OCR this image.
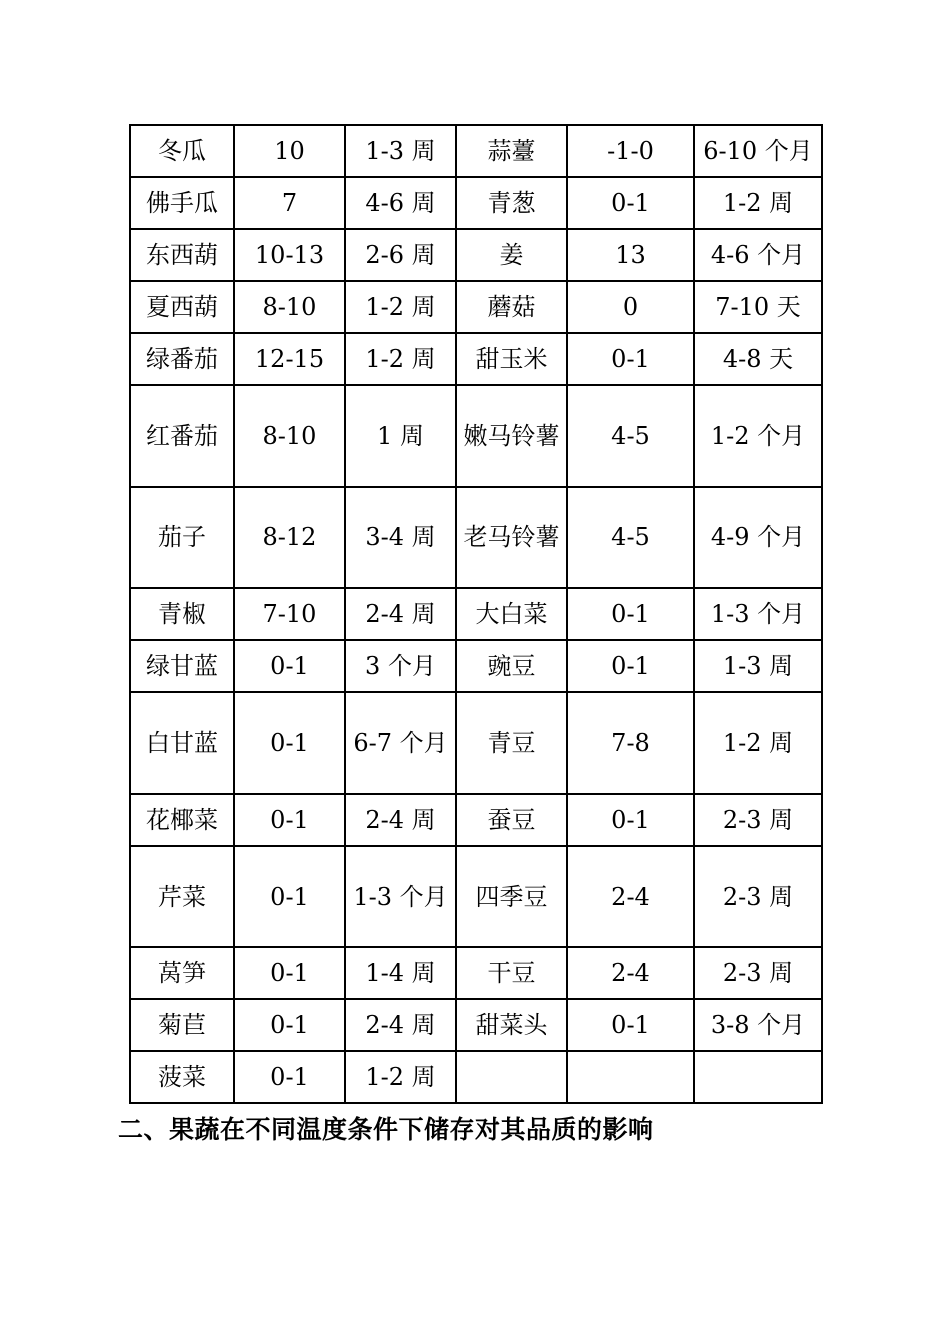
冬瓜	10	1-3 周	蒜薹	-1-0	6-10 个月
佛手瓜	7	4-6 周	青葱	0-1	1-2 周
东西葫	10-13	2-6 周	姜	13	4-6 个月
夏西葫	8-10	1-2 周	蘑菇	0	7-10 天
绿番茄	12-15	1-2 周	甜玉米	0-1	4-8 天
红番茄	8-10	1 周	嫩马铃薯	4-5	1-2 个月
茄子	8-12	3-4 周	老马铃薯	4-5	4-9 个月
青椒	7-10	2-4 周	大白菜	0-1	1-3 个月
绿甘蓝	0-1	3 个月	豌豆	0-1	1-3 周
白甘蓝	0-1	6-7 个月	青豆	7-8	1-2 周
花椰菜	0-1	2-4 周	蚕豆	0-1	2-3 周
芹菜	0-1	1-3 个月	四季豆	2-4	2-3 周
莴笋	0-1	1-4 周	干豆	2-4	2-3 周
菊苣	0-1	2-4 周	甜菜头	0-1	3-8 个月
菠菜	0-1	1-2 周			
二、果蔬在不同温度条件下储存对其品质的影响
